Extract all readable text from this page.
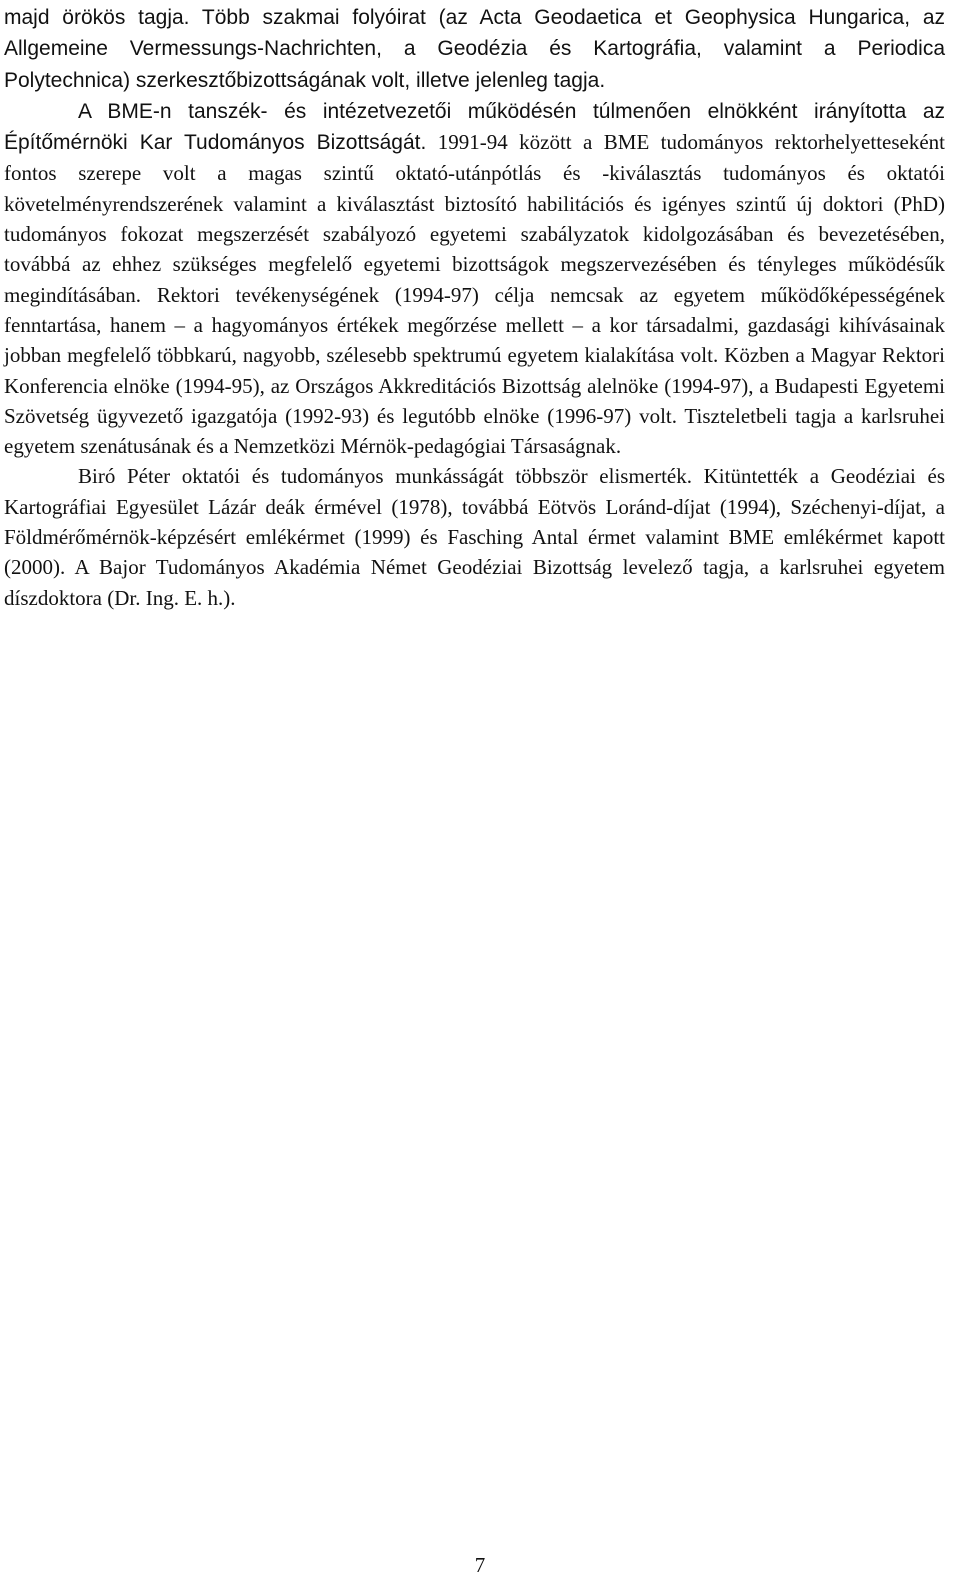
majd örökös tagja. Több szakmai folyóirat (az Acta Geodaetica et Geophysica Hungarica, az Allgemeine Vermessungs-Nachrichten, a Geodézia és Kartográfia, valamint a Periodica Polytechnica) szerkesztőbizottságának volt, illetve jelenleg tagja.

A BME-n tanszék- és intézetvezetői működésén túlmenően elnökként irányította az Építőmérnöki Kar Tudományos Bizottságát. 1991-94 között a BME tudományos rektorhelyetteseként fontos szerepe volt a magas szintű oktató-utánpótlás és -kiválasztás tudományos és oktatói követelményrendszerének valamint a kiválasztást biztosító habilitációs és igényes szintű új doktori (PhD) tudományos fokozat megszerzését szabályozó egyetemi szabályzatok kidolgozásában és bevezetésében, továbbá az ehhez szükséges megfelelő egyetemi bizottságok megszervezésében és tényleges működésűk megindításában. Rektori tevékenységének (1994-97) célja nemcsak az egyetem működőképességének fenntartása, hanem – a hagyományos értékek megőrzése mellett – a kor társadalmi, gazdasági kihívásainak jobban megfelelő többkarú, nagyobb, szélesebb spektrumú egyetem kialakítása volt. Közben a Magyar Rektori Konferencia elnöke (1994-95), az Országos Akkreditációs Bizottság alelnöke (1994-97), a Budapesti Egyetemi Szövetség ügyvezető igazgatója (1992-93) és legutóbb elnöke (1996-97) volt. Tiszteletbeli tagja a karlsruhei egyetem szenátusának és a Nemzetközi Mérnök-pedagógiai Társaságnak.

Biró Péter oktatói és tudományos munkásságát többször elismerték. Kitüntették a Geodéziai és Kartográfiai Egyesület Lázár deák érmével (1978), továbbá Eötvös Loránd-díjat (1994), Széchenyi-díjat, a Földmérőmérnök-képzésért emlékérmet (1999) és Fasching Antal érmet valamint BME emlékérmet kapott (2000). A Bajor Tudományos Akadémia Német Geodéziai Bizottság levelező tagja, a karlsruhei egyetem díszdoktora (Dr. Ing. E. h.).

7
